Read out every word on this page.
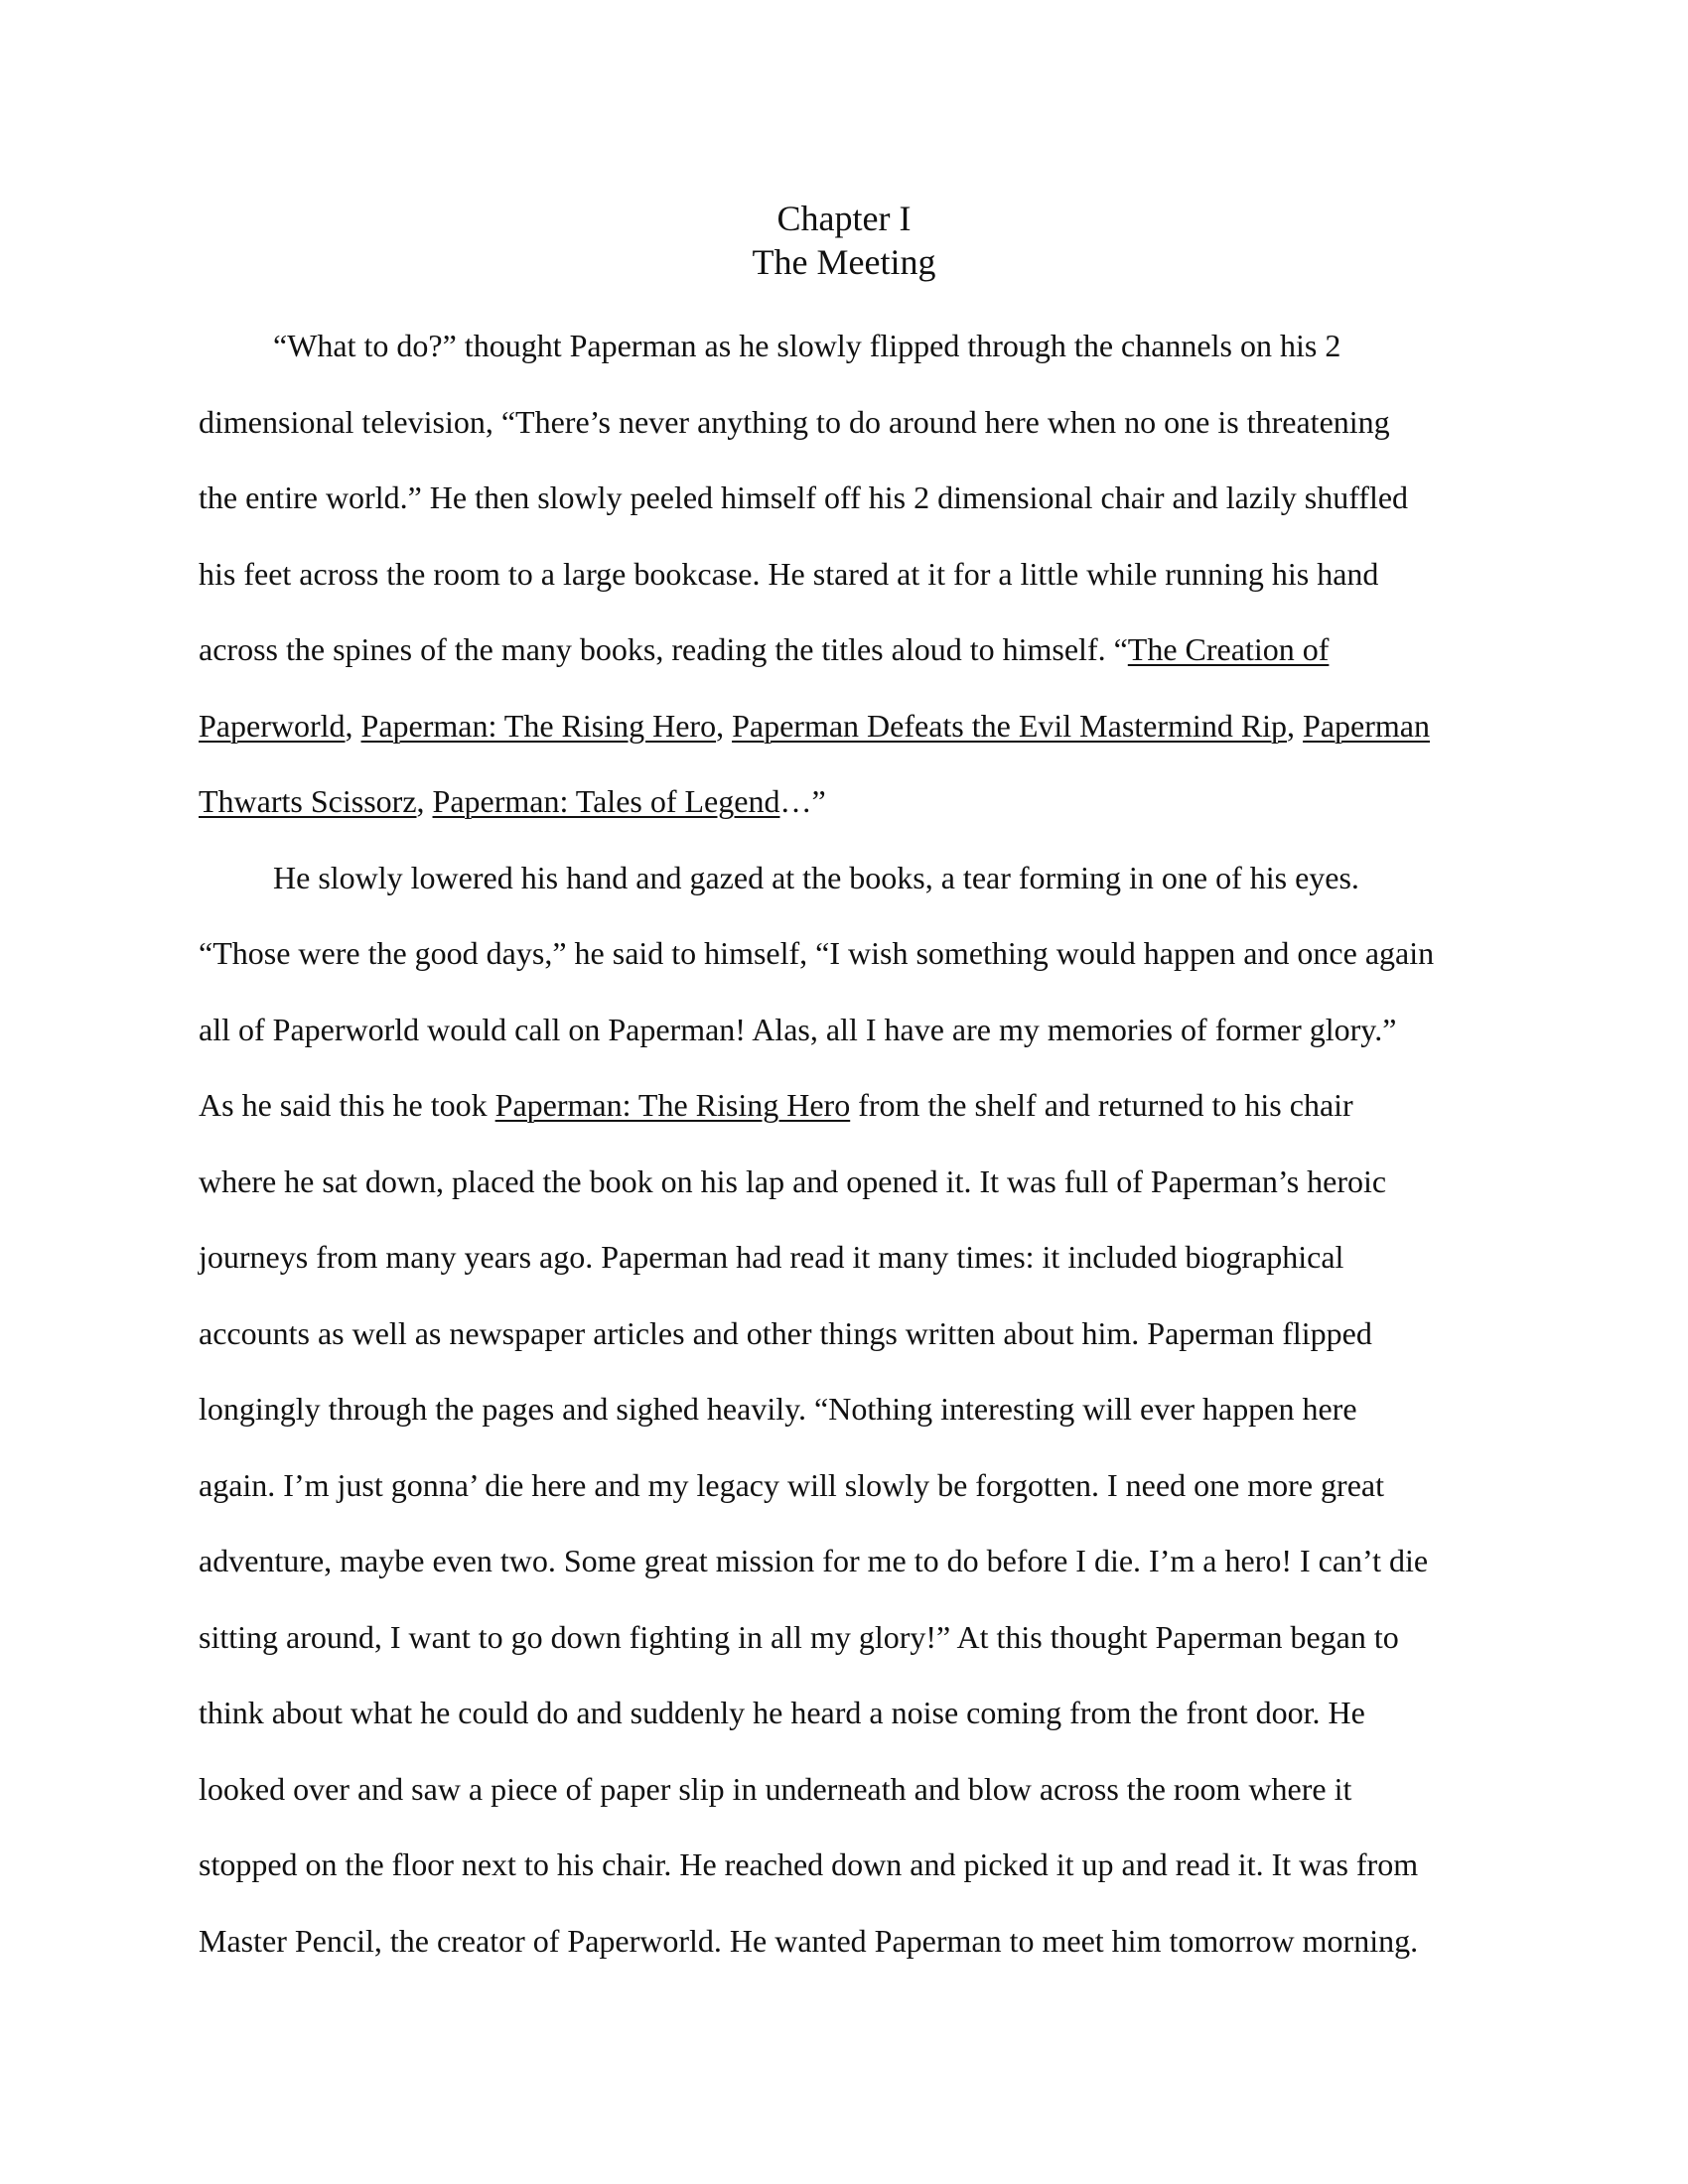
Chapter I
The Meeting
“What to do?” thought Paperman as he slowly flipped through the channels on his 2
dimensional television, “There’s never anything to do around here when no one is threatening
the entire world.” He then slowly peeled himself off his 2 dimensional chair and lazily shuffled
his feet across the room to a large bookcase. He stared at it for a little while running his hand
across the spines of the many books, reading the titles aloud to himself. “The Creation of
Paperworld, Paperman: The Rising Hero, Paperman Defeats the Evil Mastermind Rip, Paperman
Thwarts Scissorz, Paperman: Tales of Legend…”
He slowly lowered his hand and gazed at the books, a tear forming in one of his eyes.
“Those were the good days,” he said to himself, “I wish something would happen and once again
all of Paperworld would call on Paperman! Alas, all I have are my memories of former glory.”
As he said this he took Paperman: The Rising Hero from the shelf and returned to his chair
where he sat down, placed the book on his lap and opened it. It was full of Paperman’s heroic
journeys from many years ago. Paperman had read it many times: it included biographical
accounts as well as newspaper articles and other things written about him. Paperman flipped
longingly through the pages and sighed heavily. “Nothing interesting will ever happen here
again. I’m just gonna’ die here and my legacy will slowly be forgotten. I need one more great
adventure, maybe even two. Some great mission for me to do before I die. I’m a hero! I can’t die
sitting around, I want to go down fighting in all my glory!” At this thought Paperman began to
think about what he could do and suddenly he heard a noise coming from the front door. He
looked over and saw a piece of paper slip in underneath and blow across the room where it
stopped on the floor next to his chair. He reached down and picked it up and read it. It was from
Master Pencil, the creator of Paperworld. He wanted Paperman to meet him tomorrow morning.
